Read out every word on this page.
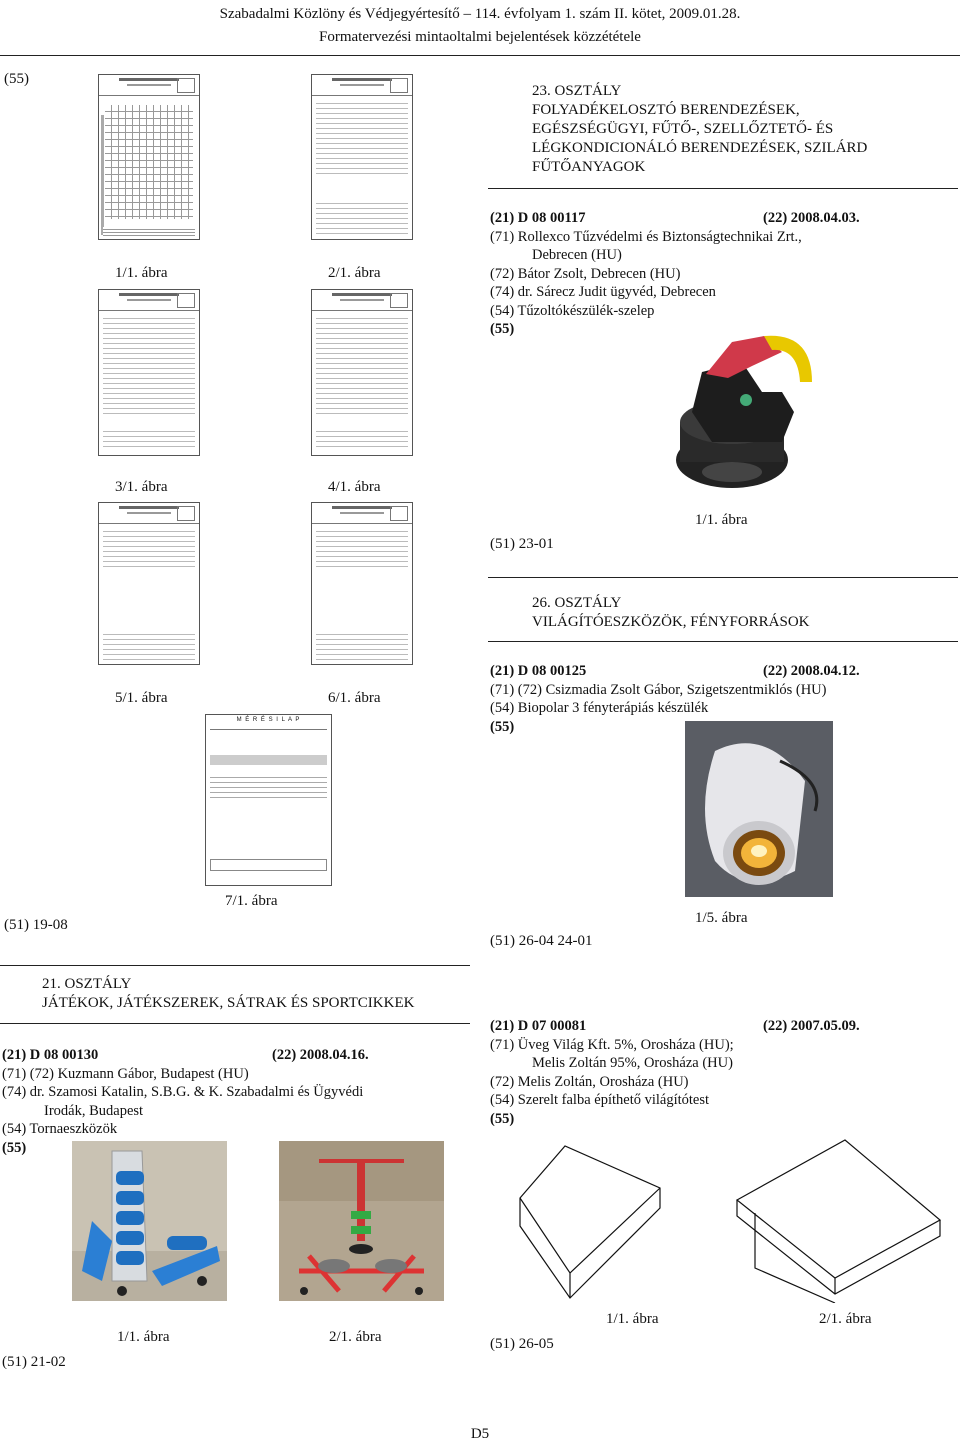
Szabadalmi Közlöny és Védjegyértesítő – 114. évfolyam 1. szám II. kötet, 2009.01.28.
Formatervezési mintaoltalmi bejelentések közzététele
(55)
1/1. ábra	2/1. ábra
3/1. ábra	4/1. ábra
5/1. ábra	6/1. ábra
M É R É S I L A P
7/1. ábra
(51) 19-08
23. OSZTÁLY
FOLYADÉKELOSZTÓ BERENDEZÉSEK,
EGÉSZSÉGÜGYI, FŰTŐ-, SZELLŐZTETŐ- ÉS
LÉGKONDICIONÁLÓ BERENDEZÉSEK, SZILÁRD
FŰTŐANYAGOK
(21) D 08 00117	(22) 2008.04.03.
(71) Rollexco Tűzvédelmi és Biztonságtechnikai Zrt.,
Debrecen (HU)
(72) Bátor Zsolt, Debrecen (HU)
(74) dr. Sárecz Judit ügyvéd, Debrecen
(54) Tűzoltókészülék-szelep
(55)
1/1. ábra
(51) 23-01
26. OSZTÁLY
VILÁGÍTÓESZKÖZÖK, FÉNYFORRÁSOK
(21) D 08 00125	(22) 2008.04.12.
(71) (72) Csizmadia Zsolt Gábor, Szigetszentmiklós (HU)
(54) Biopolar 3 fényterápiás készülék
(55)
1/5. ábra
(51) 26-04 24-01
21. OSZTÁLY
JÁTÉKOK, JÁTÉKSZEREK, SÁTRAK ÉS SPORTCIKKEK
(21) D 08 00130	(22) 2008.04.16.
(71) (72) Kuzmann Gábor, Budapest (HU)
(74) dr. Szamosi Katalin, S.B.G. & K. Szabadalmi és Ügyvédi
Irodák, Budapest
(54) Tornaeszközök
(55)
1/1. ábra	2/1. ábra
(51) 21-02
(21) D 07 00081	(22) 2007.05.09.
(71) Üveg Világ Kft. 5%, Orosháza (HU);
Melis Zoltán 95%, Orosháza (HU)
(72) Melis Zoltán, Orosháza (HU)
(54) Szerelt falba építhető világítótest
(55)
1/1. ábra	2/1. ábra
(51) 26-05
D5
